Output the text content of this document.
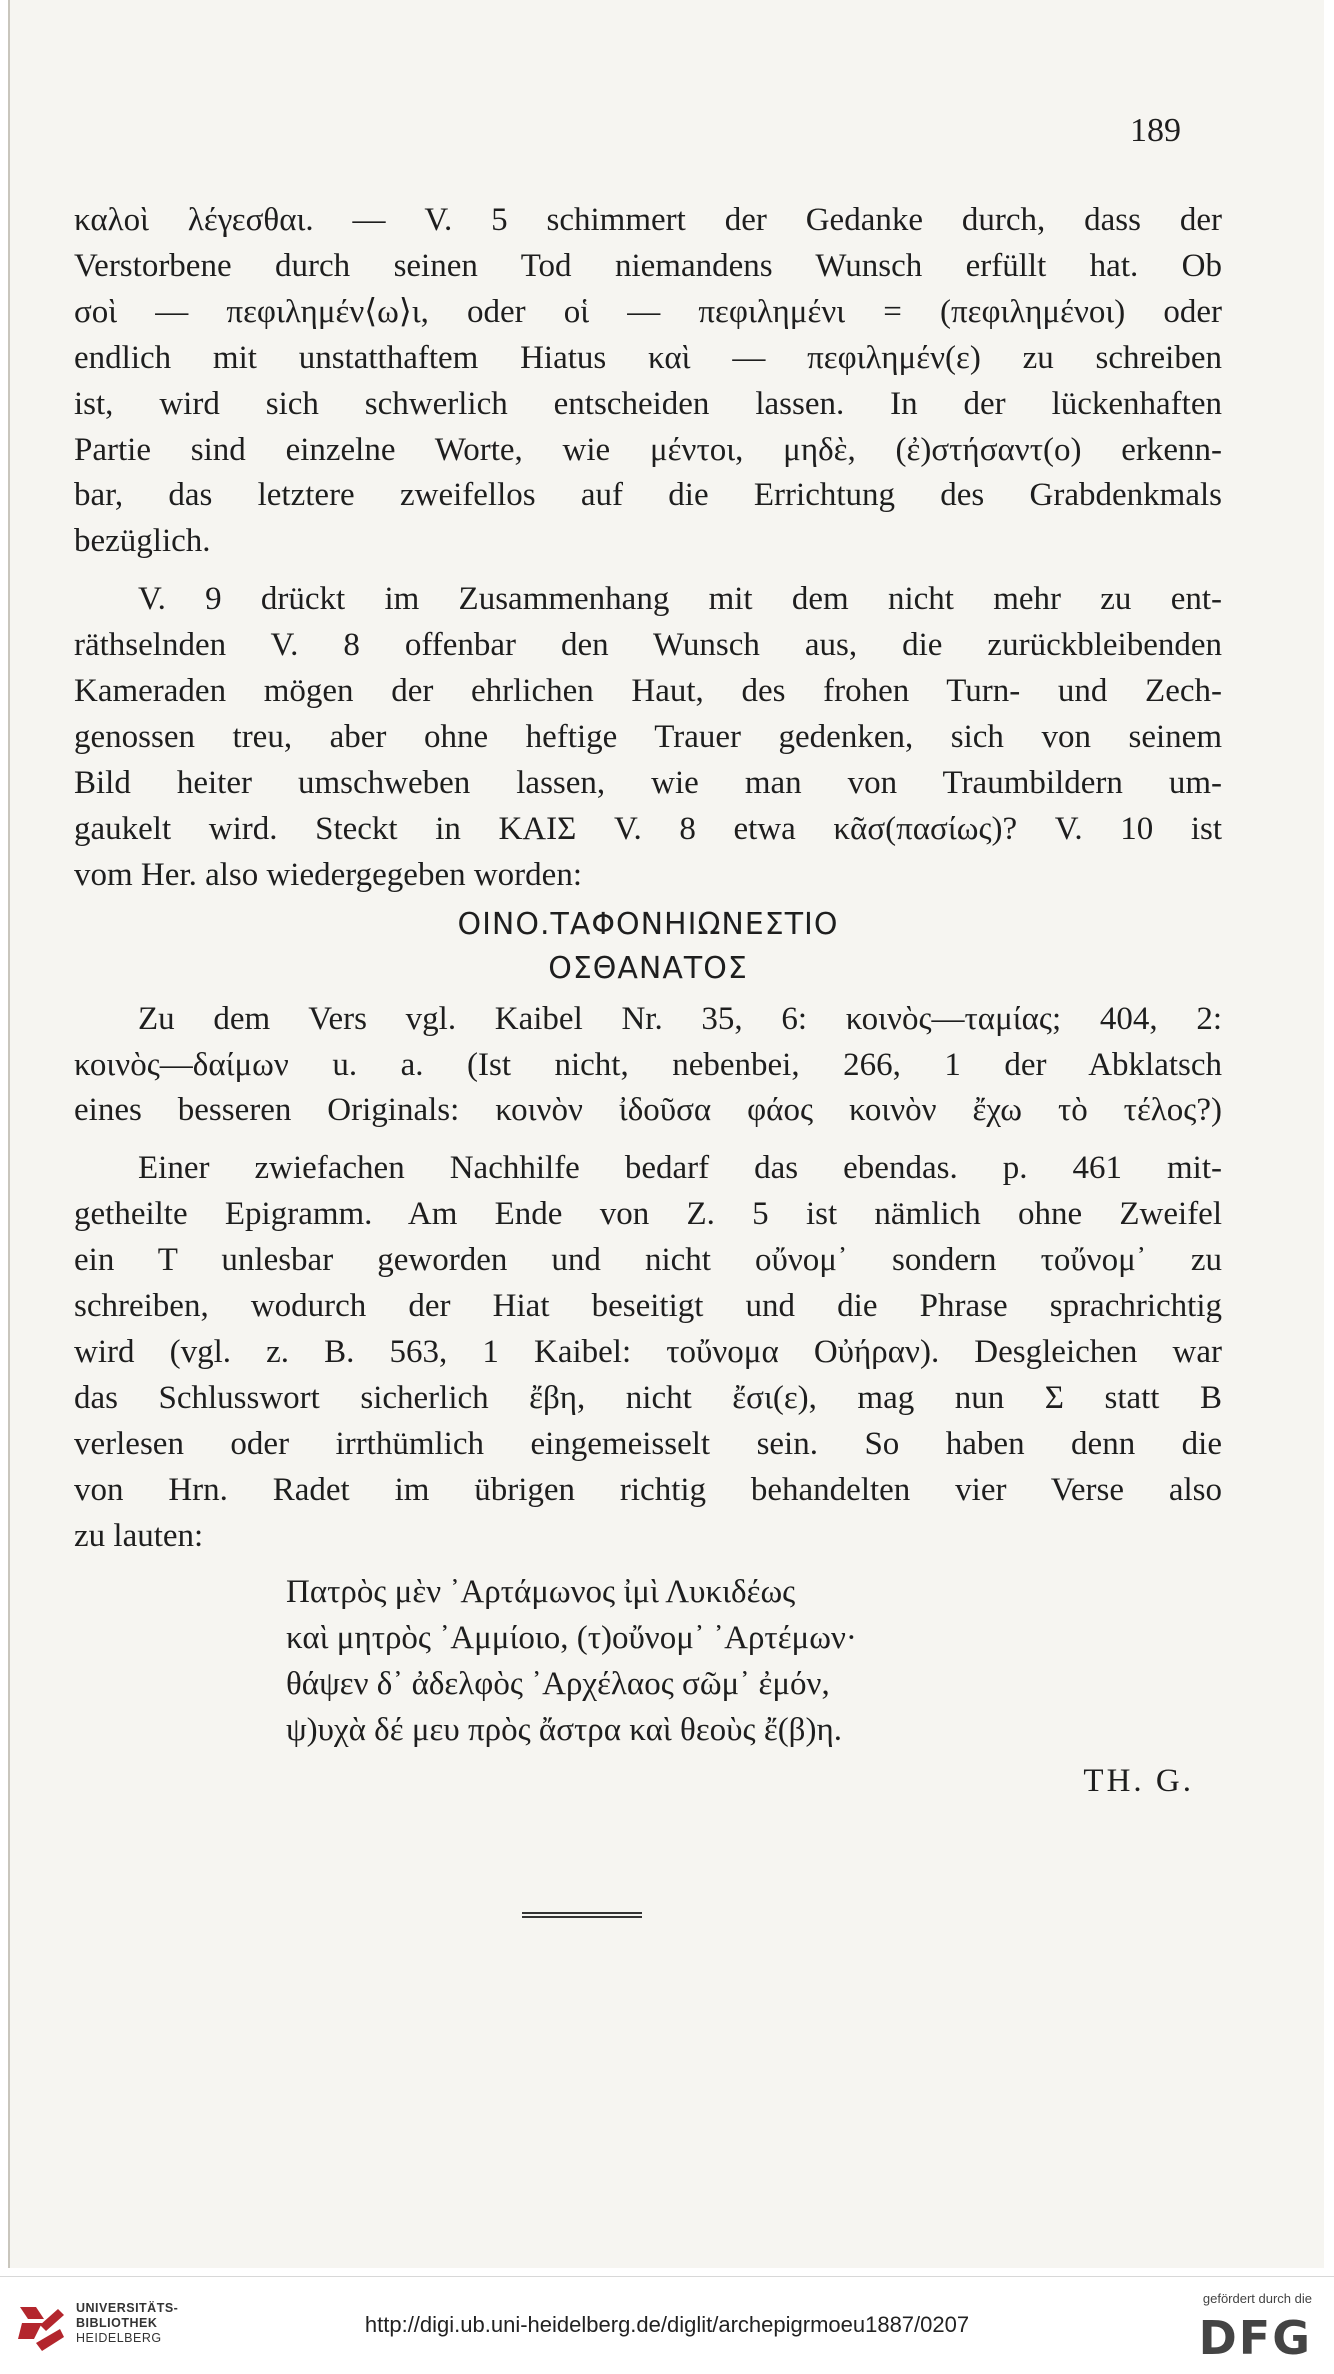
189

καλοὶ λέγεσθαι. — V. 5 schimmert der Gedanke durch, dass der
Verstorbene durch seinen Tod niemandens Wunsch erfüllt hat. Ob
σοὶ — πεφιλημέν⟨ω⟩ι, oder οἱ — πεφιλημένι = (πεφιλημένοι) oder
endlich mit unstatthaftem Hiatus καὶ — πεφιλημέν(ε) zu schreiben
ist, wird sich schwerlich entscheiden lassen. In der lückenhaften
Partie sind einzelne Worte, wie μέντοι, μηδὲ, (ἐ)στήσαντ(ο) erkenn-
bar, das letztere zweifellos auf die Errichtung des Grabdenkmals
bezüglich.

V. 9 drückt im Zusammenhang mit dem nicht mehr zu ent-
räthselnden V. 8 offenbar den Wunsch aus, die zurückbleibenden
Kameraden mögen der ehrlichen Haut, des frohen Turn- und Zech-
genossen treu, aber ohne heftige Trauer gedenken, sich von seinem
Bild heiter umschweben lassen, wie man von Traumbildern um-
gaukelt wird. Steckt in ΚΑΙΣ V. 8 etwa κᾶσ(πασίως)? V. 10 ist
vom Her. also wiedergegeben worden:

ΟΙΝΟ.ΤΑΦΟΝΗΙΩΝΕΣΤΙΟ
ΟΣΘΑΝΑΤΟΣ

Zu dem Vers vgl. Kaibel Nr. 35, 6: κοινὸς—ταμίας; 404, 2:
κοινὸς—δαίμων u. a. (Ist nicht, nebenbei, 266, 1 der Abklatsch
eines besseren Originals: κοινὸν ἰδοῦσα φάος κοινὸν ἔχω τὸ τέλος?)

Einer zwiefachen Nachhilfe bedarf das ebendas. p. 461 mit-
getheilte Epigramm. Am Ende von Z. 5 ist nämlich ohne Zweifel
ein T unlesbar geworden und nicht οὔνομ᾽ sondern τοὔνομ᾽ zu
schreiben, wodurch der Hiat beseitigt und die Phrase sprachrichtig
wird (vgl. z. B. 563, 1 Kaibel: τοὔνομα Οὐήραν). Desgleichen war
das Schlusswort sicherlich ἔβη, nicht ἔσι(ε), mag nun Σ statt B
verlesen oder irrthümlich eingemeisselt sein. So haben denn die
von Hrn. Radet im übrigen richtig behandelten vier Verse also
zu lauten:

Πατρὸς μὲν ᾿Αρτάμωνος ἰμὶ Λυκιδέως
καὶ μητρὸς ᾿Αμμίοιο, (τ)οὔνομ᾽ ᾿Αρτέμων·
θάψεν δ᾽ ἀδελφὸς ᾿Αρχέλαος σῶμ᾽ ἐμόν,
ψ)υχὰ δέ μευ πρὸς ἄστρα καὶ θεοὺς ἔ(β)η.
TH. G.
UNIVERSITÄTS-
BIBLIOTHEK
HEIDELBERG
http://digi.ub.uni-heidelberg.de/diglit/archepigrmoeu1887/0207
gefördert durch die
DFG
